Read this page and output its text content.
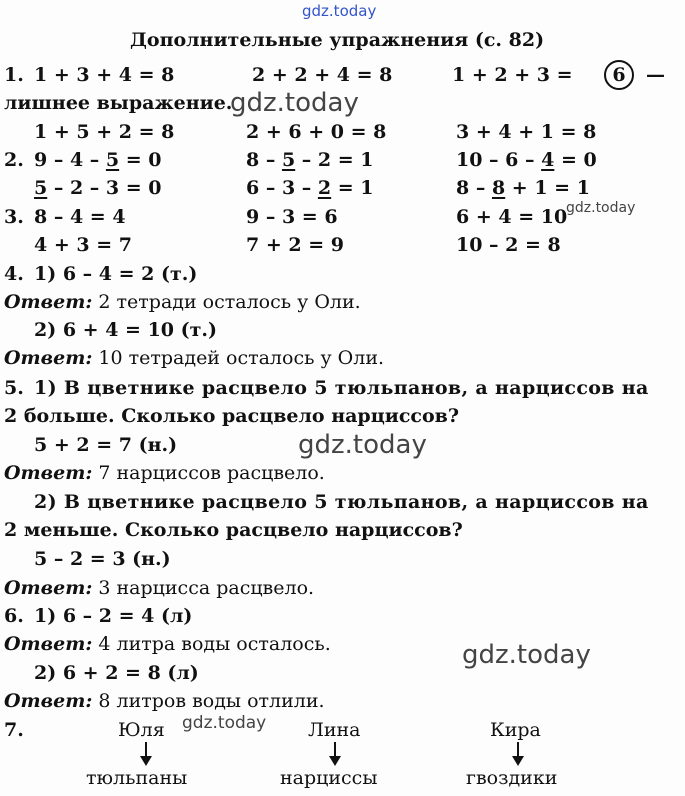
gdz.today
gdz.today
gdz.today
gdz.today
gdz.today
gdz.today
Дополнительные упражнения (с. 82)
1. 1 + 3 + 4 = 8	2 + 2 + 4 = 8	1 + 2 + 3 =	6	—
лишнее выражение.
1 + 5 + 2 = 8	2 + 6 + 0 = 8	3 + 4 + 1 = 8
2. 9 – 4 – 5 = 0	8 – 5 – 2 = 1	10 – 6 – 4 = 0
5 – 2 – 3 = 0	6 – 3 – 2 = 1	8 – 8 + 1 = 1
3. 8 – 4 = 4	9 – 3 = 6	6 + 4 = 10
4 + 3 = 7	7 + 2 = 9	10 – 2 = 8
4. 1) 6 – 4 = 2 (т.)
Ответ: 2 тетради осталось у Оли.
2) 6 + 4 = 10 (т.)
Ответ: 10 тетрадей осталось у Оли.
5. 1) В цветнике расцвело 5 тюльпанов, а нарциссов на
2 больше. Сколько расцвело нарциссов?
5 + 2 = 7 (н.)
Ответ: 7 нарциссов расцвело.
2) В цветнике расцвело 5 тюльпанов, а нарциссов на
2 меньше. Сколько расцвело нарциссов?
5 – 2 = 3 (н.)
Ответ: 3 нарцисса расцвело.
6. 1) 6 – 2 = 4 (л)
Ответ: 4 литра воды осталось.
2) 6 + 2 = 8 (л)
Ответ: 8 литров воды отлили.
7.	Юля	Лина	Кира
тюльпаны	нарциссы	гвоздики
